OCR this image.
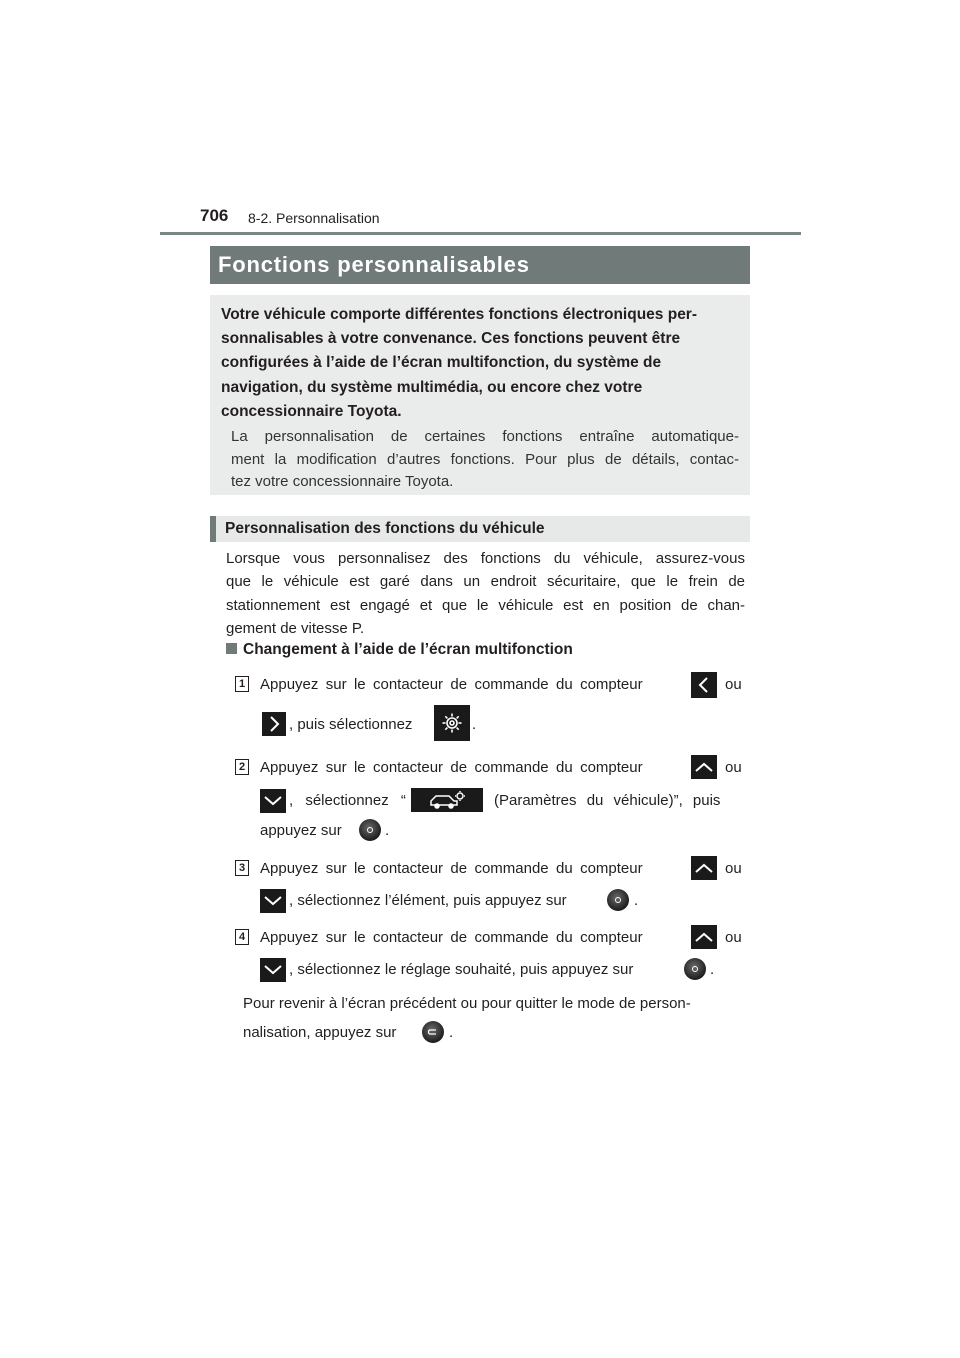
706 8-2. Personnalisation
Fonctions personnalisables
Votre véhicule comporte différentes fonctions électroniques per-
sonnalisables à votre convenance. Ces fonctions peuvent être
configurées à l’aide de l’écran multifonction, du système de
navigation, du système multimédia, ou encore chez votre
concessionnaire Toyota.
La personnalisation de certaines fonctions entraîne automatique-
ment la modification d’autres fonctions. Pour plus de détails, contac-
tez votre concessionnaire Toyota.
Personnalisation des fonctions du véhicule
Lorsque vous personnalisez des fonctions du véhicule, assurez-vous
que le véhicule est garé dans un endroit sécuritaire, que le frein de
stationnement est engagé et que le véhicule est en position de chan-
gement de vitesse P.
Changement à l’aide de l’écran multifonction
1 Appuyez sur le contacteur de commande du compteur	ou
, puis sélectionnez	.
2 Appuyez sur le contacteur de commande du compteur	ou
, sélectionnez “	(Paramètres du véhicule)”, puis
appuyez sur	.
3 Appuyez sur le contacteur de commande du compteur	ou
, sélectionnez l’élément, puis appuyez sur	.
4 Appuyez sur le contacteur de commande du compteur	ou
, sélectionnez le réglage souhaité, puis appuyez sur	.
Pour revenir à l’écran précédent ou pour quitter le mode de person-
nalisation, appuyez sur	.
